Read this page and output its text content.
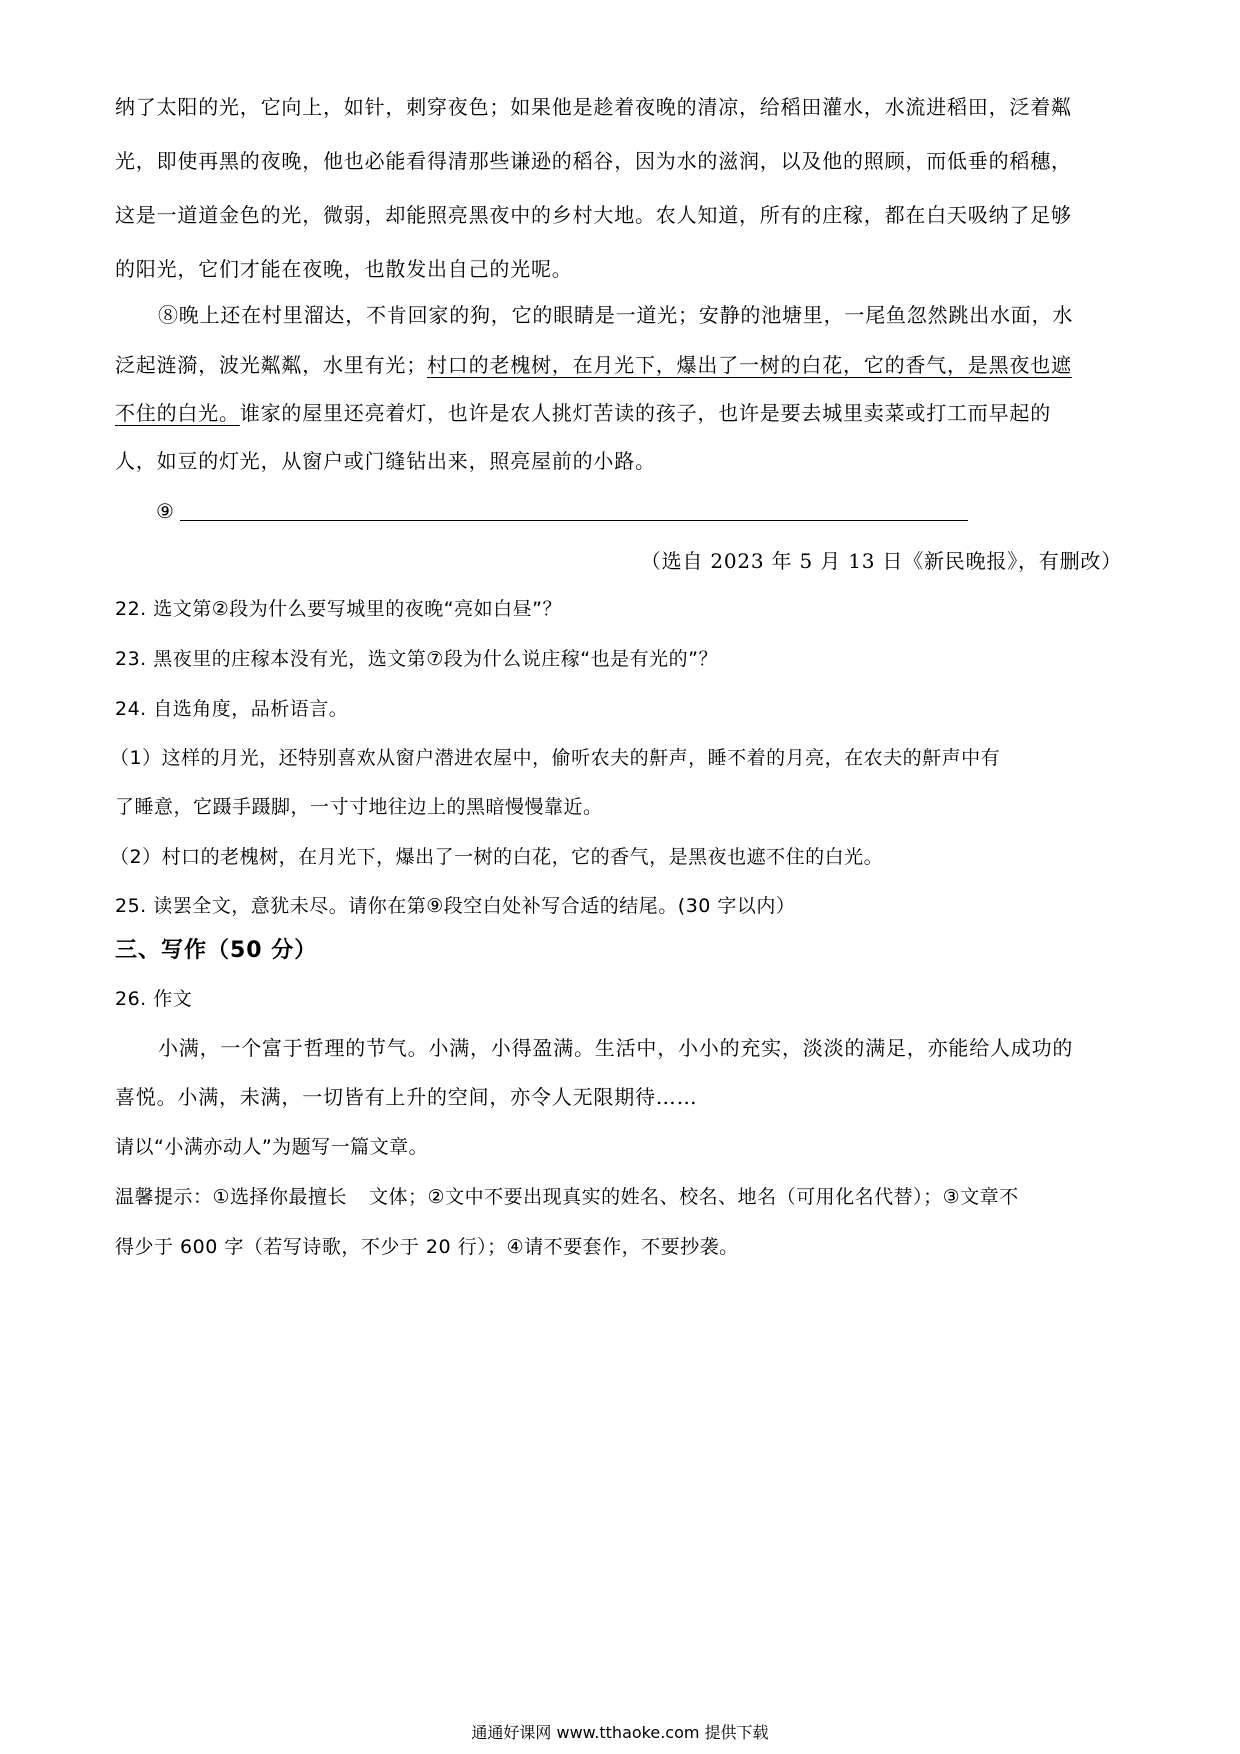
纳了太阳的光，它向上，如针，刺穿夜色；如果他是趁着夜晚的清凉，给稻田灌水，水流进稻田，泛着粼
光，即使再黑的夜晚，他也必能看得清那些谦逊的稻谷，因为水的滋润，以及他的照顾，而低垂的稻穗，
这是一道道金色的光，微弱，却能照亮黑夜中的乡村大地。农人知道，所有的庄稼，都在白天吸纳了足够
的阳光，它们才能在夜晚，也散发出自己的光呢。
⑧晚上还在村里溜达，不肯回家的狗，它的眼睛是一道光；安静的池塘里，一尾鱼忽然跳出水面，水
泛起涟漪，波光粼粼，水里有光；村口的老槐树，在月光下，爆出了一树的白花，它的香气，是黑夜也遮
不住的白光。谁家的屋里还亮着灯，也许是农人挑灯苦读的孩子，也许是要去城里卖菜或打工而早起的
人，如豆的灯光，从窗户或门缝钻出来，照亮屋前的小路。
⑨
（选自 2023 年 5 月 13 日《新民晚报》，有删改）
22. 选文第②段为什么要写城里的夜晚“亮如白昼”？
23. 黑夜里的庄稼本没有光，选文第⑦段为什么说庄稼“也是有光的”？
24. 自选角度，品析语言。
（1）这样的月光，还特别喜欢从窗户潜进农屋中，偷听农夫的鼾声，睡不着的月亮，在农夫的鼾声中有
了睡意，它蹑手蹑脚，一寸寸地往边上的黑暗慢慢靠近。
（2）村口的老槐树，在月光下，爆出了一树的白花，它的香气，是黑夜也遮不住的白光。
25. 读罢全文，意犹未尽。请你在第⑨段空白处补写合适的结尾。(30 字以内）
三、写作（50 分）
26. 作文
小满，一个富于哲理的节气。小满，小得盈满。生活中，小小的充实，淡淡的满足，亦能给人成功的
喜悦。小满，未满，一切皆有上升的空间，亦令人无限期待……
请以“小满亦动人”为题写一篇文章。
温馨提示：①选择你最擅长 文体；②文中不要出现真实的姓名、校名、地名（可用化名代替）；③文章不
得少于 600 字（若写诗歌，不少于 20 行）；④请不要套作，不要抄袭。
通通好课网 www.tthaoke.com 提供下载
